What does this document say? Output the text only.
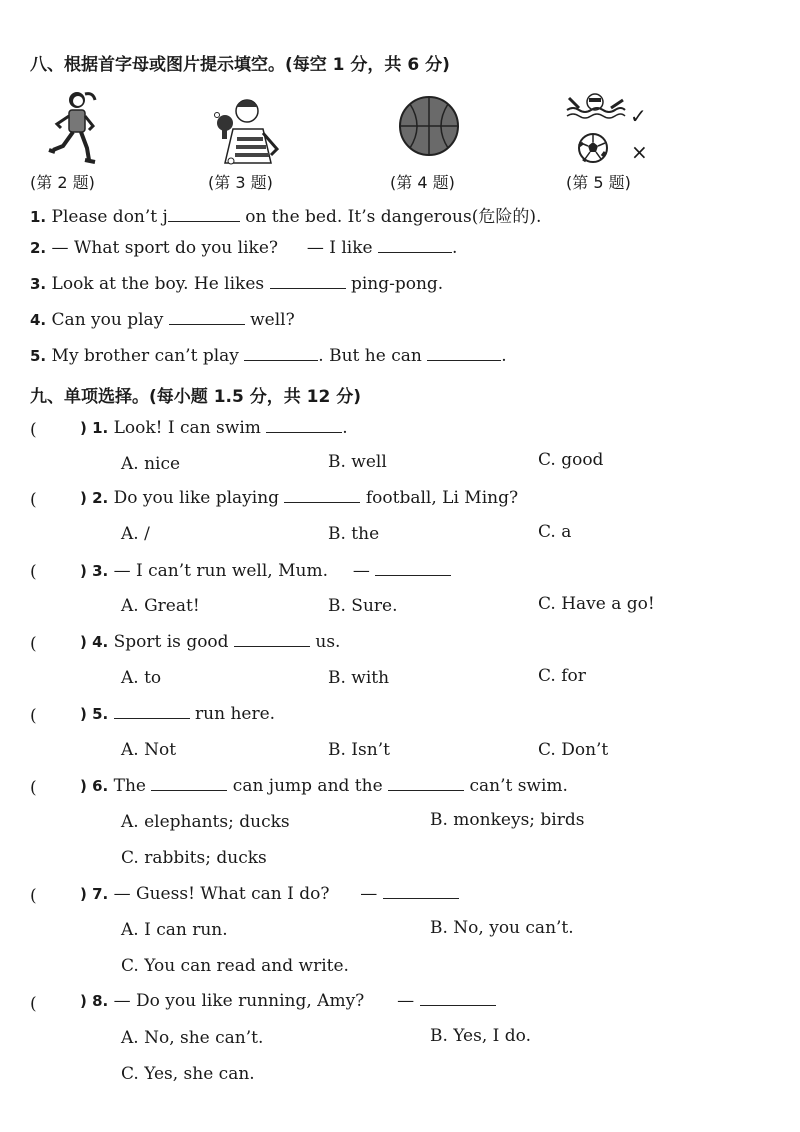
八、根据首字母或图片提示填空。(每空 1 分，共 6 分)
✓
×
(第 2 题)	(第 3 题)	(第 4 题)	(第 5 题)
1. Please don’t j	on the bed. It’s dangerous(危险的).
2. — What sport do you like? — I like	.
3. Look at the boy. He likes	ping-pong.
4. Can you play	well?
5. My brother can’t play	. But he can	.
九、单项选择。(每小题 1.5 分，共 12 分)
(	) 1. Look! I can swim	.
A. nice	B. well	C. good
(	) 2. Do you like playing	football, Li Ming?
A. /	B. the	C. a
(	) 3. — I can’t run well, Mum. —
A. Great!	B. Sure.	C. Have a go!
(	) 4. Sport is good	us.
A. to	B. with	C. for
(	) 5.	run here.
A. Not	B. Isn’t	C. Don’t
(	) 6. The	can jump and the	can’t swim.
A. elephants; ducks	B. monkeys; birds
C. rabbits; ducks
(	) 7. — Guess! What can I do? —
A. I can run.	B. No, you can’t.
C. You can read and write.
(	) 8. — Do you like running, Amy? —
A. No, she can’t.	B. Yes, I do.
C. Yes, she can.
